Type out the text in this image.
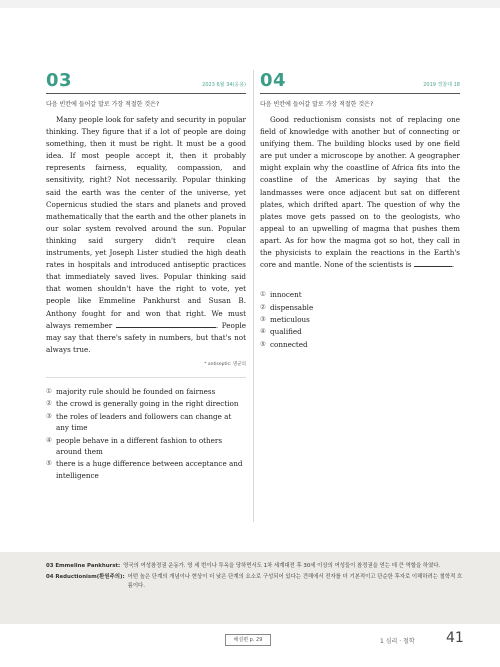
03	2023 6월 34(응용)
다음 빈칸에 들어갈 말로 가장 적절한 것은?

Many people look for safety and security in popular thinking. They figure that if a lot of people are doing something, then it must be right. It must be a good idea. If most people accept it, then it probably represents fairness, equality, compassion, and sensitivity, right? Not necessarily. Popular thinking said the earth was the center of the universe, yet Copernicus studied the stars and planets and proved mathematically that the earth and the other planets in our solar system revolved around the sun. Popular thinking said surgery didn't require clean instruments, yet Joseph Lister studied the high death rates in hospitals and introduced antiseptic practices that immediately saved lives. Popular thinking said that women shouldn't have the right to vote, yet people like Emmeline Pankhurst and Susan B. Anthony fought for and won that right. We must always remember	. People may say that there's safety in numbers, but that's not always true.

* antiseptic: 멸균의
① majority rule should be founded on fairness
② the crowd is generally going in the right direction
③ the roles of leaders and followers can change at any time
④ people behave in a different fashion to others around them
⑤ there is a huge difference between acceptance and intelligence
04	2019 경찰대 18
다음 빈칸에 들어갈 말로 가장 적절한 것은?

Good reductionism consists not of replacing one field of knowledge with another but of connecting or unifying them. The building blocks used by one field are put under a microscope by another. A geographer might explain why the coastline of Africa fits into the coastline of the Americas by saying that the landmasses were once adjacent but sat on different plates, which drifted apart. The question of why the plates move gets passed on to the geologists, who appeal to an upwelling of magma that pushes them apart. As for how the magma got so hot, they call in the physicists to explain the reactions in the Earth's core and mantle. None of the scientists is	.

① innocent
② dispensable
③ meticulous
④ qualified
⑤ connected
03 Emmeline Pankhurst: 영국의 여성참정권 운동가. 영 세 번이나 투옥을 당하면서도 1차 세계대전 후 30세 이상의 여성들이 참정권을 얻는 데 큰 역할을 하였다.
04 Reductionism(환원주의): 어떤 높은 단계의 개념이나 현상이 더 낮은 단계의 요소로 구성되어 있다는 견해에서 전자를 더 기본적이고 단순한 후자로 이해하려는 철학적 흐름이다.
해설편 p. 29	1 심리 · 철학 41
